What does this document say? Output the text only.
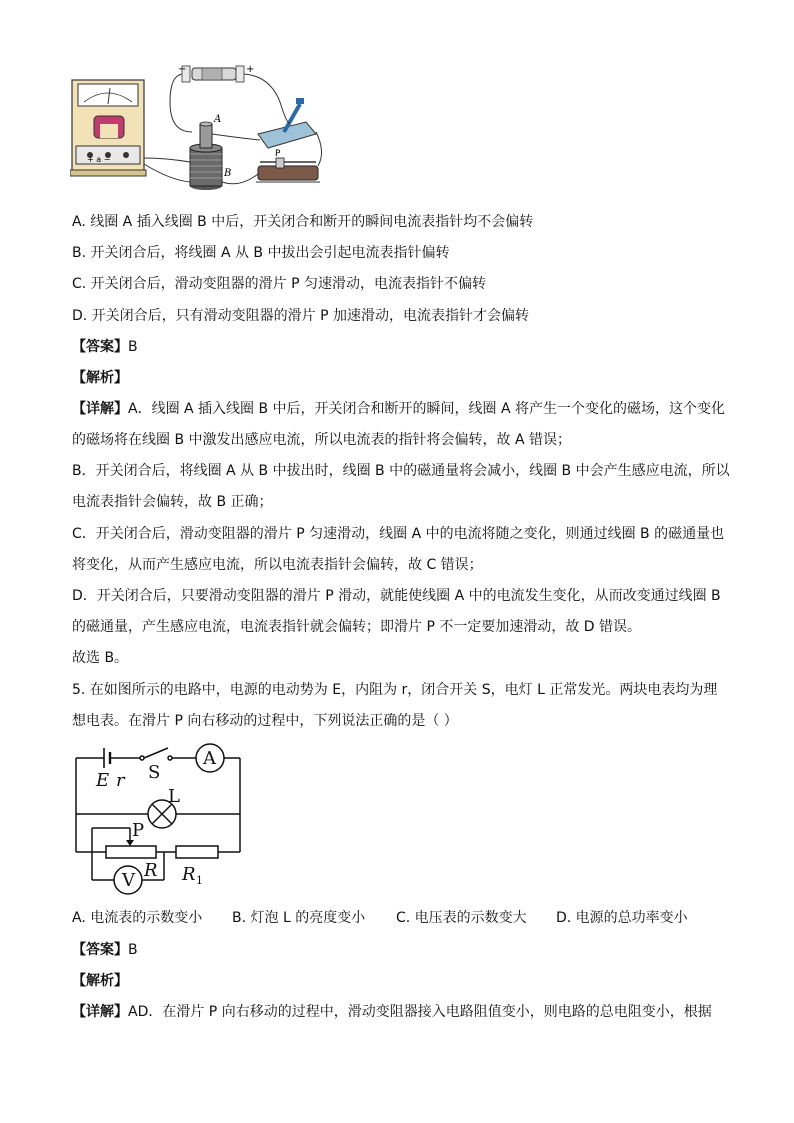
+ a −
−	+
A
B
P
A. 线圈 A 插入线圈 B 中后，开关闭合和断开的瞬间电流表指针均不会偏转
B. 开关闭合后，将线圈 A 从 B 中拔出会引起电流表指针偏转
C. 开关闭合后，滑动变阻器的滑片 P 匀速滑动，电流表指针不偏转
D. 开关闭合后，只有滑动变阻器的滑片 P 加速滑动，电流表指针才会偏转
【答案】B
【解析】
【详解】A．线圈 A 插入线圈 B 中后，开关闭合和断开的瞬间，线圈 A 将产生一个变化的磁场，这个变化
的磁场将在线圈 B 中激发出感应电流，所以电流表的指针将会偏转，故 A 错误；
B．开关闭合后，将线圈 A 从 B 中拔出时，线圈 B 中的磁通量将会减小，线圈 B 中会产生感应电流，所以
电流表指针会偏转，故 B 正确；
C．开关闭合后，滑动变阻器的滑片 P 匀速滑动，线圈 A 中的电流将随之变化，则通过线圈 B 的磁通量也
将变化，从而产生感应电流，所以电流表指针会偏转，故 C 错误；
D．开关闭合后，只要滑动变阻器的滑片 P 滑动，就能使线圈 A 中的电流发生变化，从而改变通过线圈 B
的磁通量，产生感应电流，电流表指针就会偏转；即滑片 P 不一定要加速滑动，故 D 错误。
故选 B。
5. 在如图所示的电路中，电源的电动势为 E，内阻为 r，闭合开关 S，电灯 L 正常发光。两块电表均为理
想电表。在滑片 P 向右移动的过程中，下列说法正确的是（ ）
E r S
A
L
P
V R R 1
A. 电流表的示数变小 B. 灯泡 L 的亮度变小 C. 电压表的示数变大 D. 电源的总功率变小
【答案】B
【解析】
【详解】AD．在滑片 P 向右移动的过程中，滑动变阻器接入电路阻值变小，则电路的总电阻变小，根据
